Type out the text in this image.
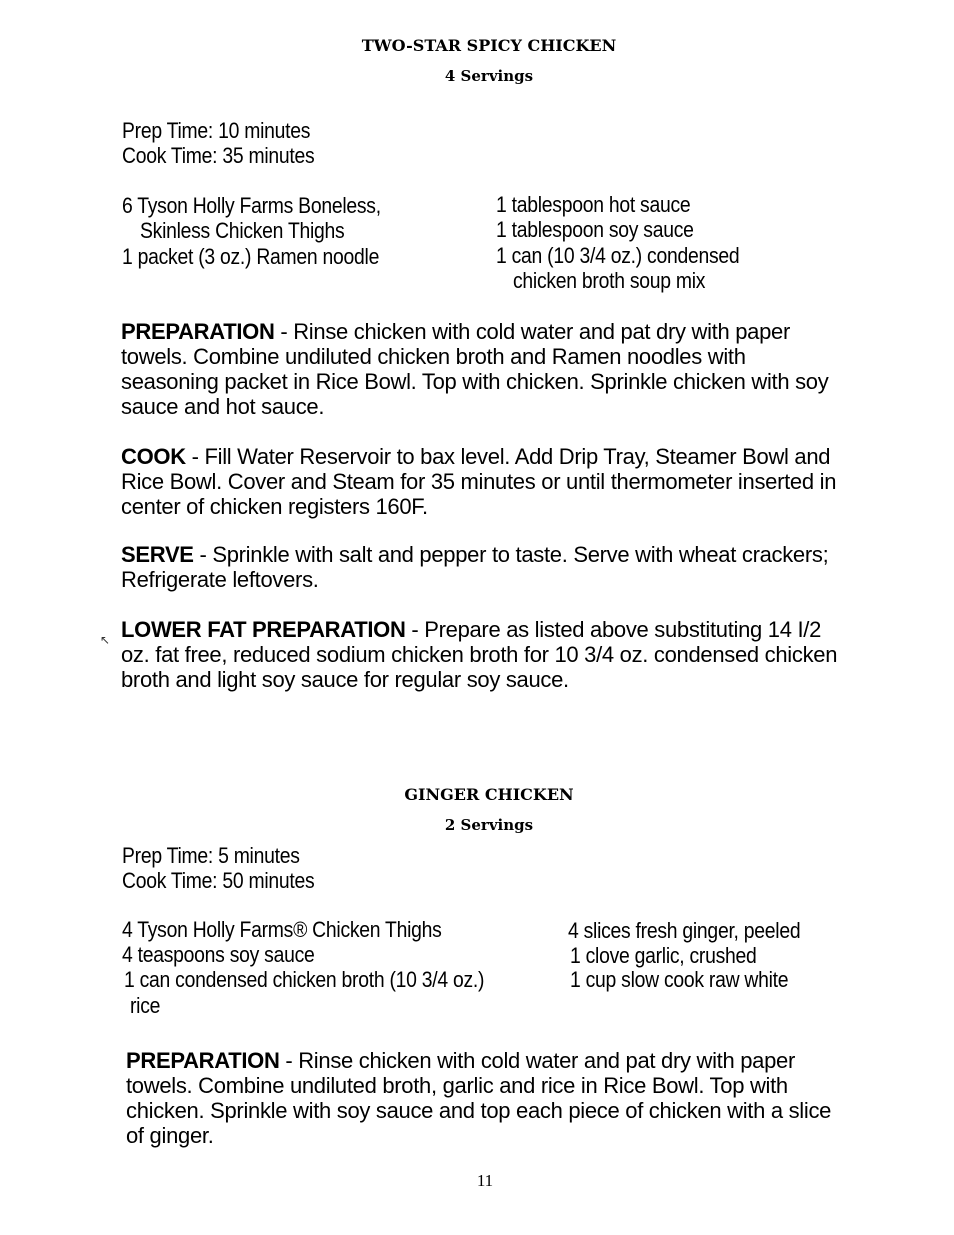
TWO-STAR SPICY CHICKEN
4 Servings
Prep Time: 10 minutes
Cook Time: 35 minutes
6 Tyson Holly Farms Boneless,
Skinless Chicken Thighs
1 packet (3 oz.) Ramen noodle
1 tablespoon hot sauce
1 tablespoon soy sauce
1 can (10 3/4 oz.) condensed
chicken broth soup mix

PREPARATION - Rinse chicken with cold water and pat dry with paper towels. Combine undiluted chicken broth and Ramen noodles with seasoning packet in Rice Bowl. Top with chicken. Sprinkle chicken with soy sauce and hot sauce.

COOK - Fill Water Reservoir to bax level. Add Drip Tray, Steamer Bowl and Rice Bowl. Cover and Steam for 35 minutes or until thermometer inserted in center of chicken registers 160F.

SERVE - Sprinkle with salt and pepper to taste. Serve with wheat crackers; Refrigerate leftovers.

↖ LOWER FAT PREPARATION - Prepare as listed above substituting 14 I/2 oz. fat free, reduced sodium chicken broth for 10 3/4 oz. condensed chicken broth and light soy sauce for regular soy sauce.

GINGER CHICKEN
2 Servings
Prep Time: 5 minutes
Cook Time: 50 minutes
4 Tyson Holly Farms® Chicken Thighs
4 teaspoons soy sauce
1 can condensed chicken broth (10 3/4 oz.)
4 slices fresh ginger, peeled
1 clove garlic, crushed
1 cup slow cook raw white
rice

PREPARATION - Rinse chicken with cold water and pat dry with paper towels. Combine undiluted broth, garlic and rice in Rice Bowl. Top with chicken. Sprinkle with soy sauce and top each piece of chicken with a slice of ginger.

11
